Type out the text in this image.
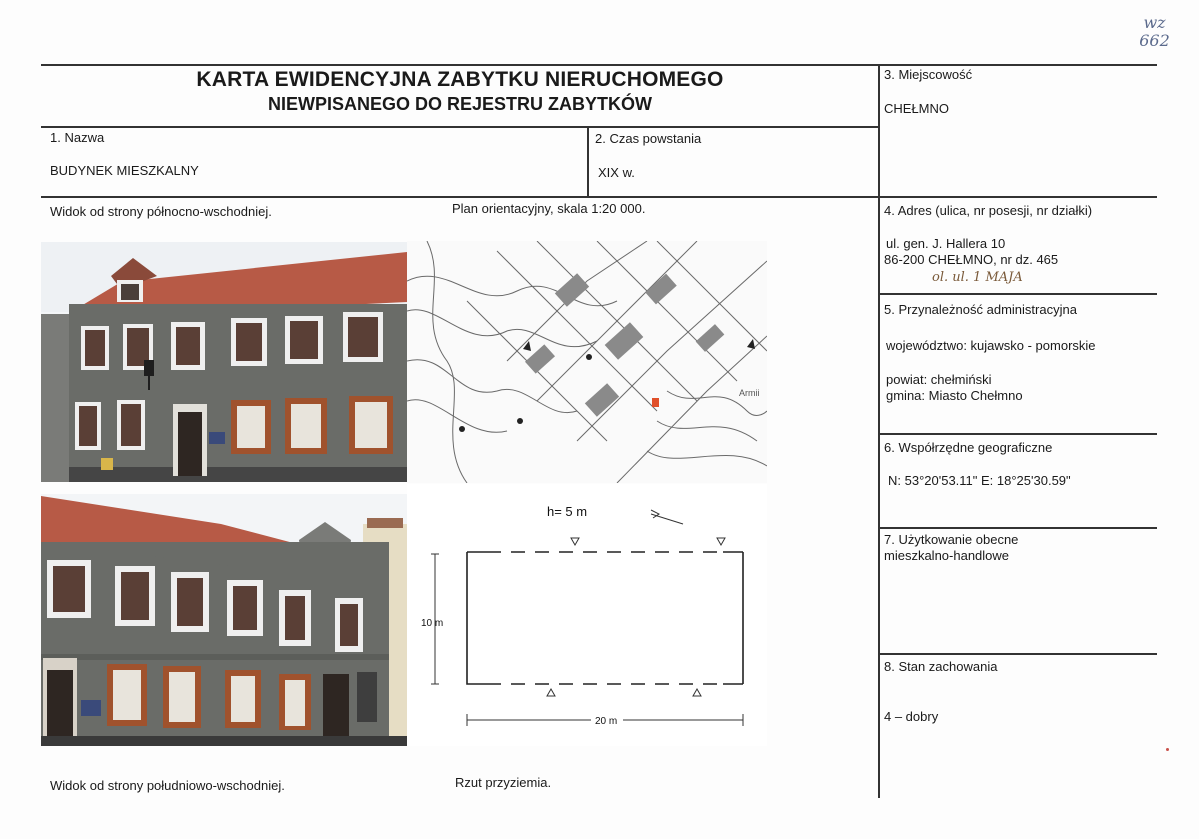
wz
662
KARTA EWIDENCYJNA ZABYTKU NIERUCHOMEGO
NIEWPISANEGO DO REJESTRU ZABYTKÓW
1. Nazwa
BUDYNEK MIESZKALNY
2. Czas powstania
XIX w.
3. Miejscowość
CHEŁMNO
4. Adres (ulica, nr posesji, nr działki)
ul. gen. J. Hallera 10
86-200 CHEŁMNO, nr dz. 465
ol. ul. 1 MAJA
5. Przynależność administracyjna
województwo: kujawsko - pomorskie
powiat: chełmiński
gmina: Miasto Chełmno
6. Współrzędne geograficzne
N: 53°20'53.11" E: 18°25'30.59"
7. Użytkowanie obecne
mieszkalno-handlowe
8. Stan zachowania
4 – dobry
Widok od strony północno-wschodniej.	Plan orientacyjny, skala 1:20 000.
Widok od strony południowo-wschodniej.	Rzut przyziemia.
Armii
h= 5 m
10 m
20 m
